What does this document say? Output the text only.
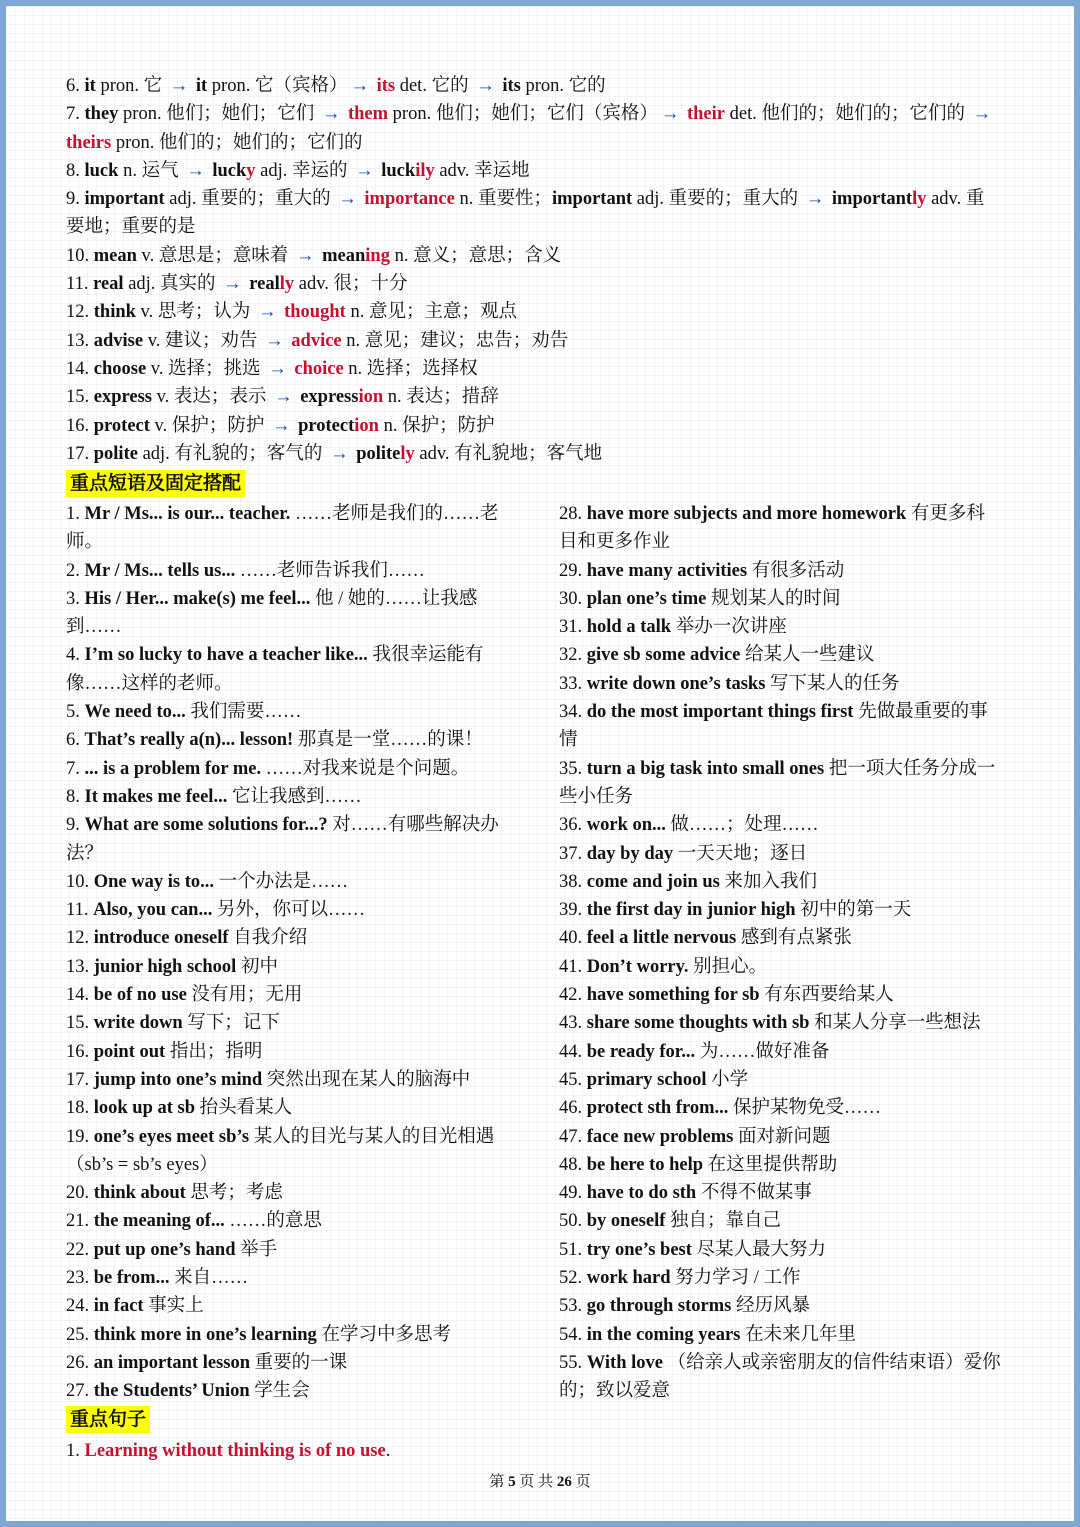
6. it pron. 它 → it pron. 它（宾格） → its det. 它的 → its pron. 它的
7. they pron. 他们；她们；它们 → them pron. 他们；她们；它们（宾格） → their det. 他们的；她们的；它们的 →
theirs pron. 他们的；她们的；它们的
8. luck n. 运气 → lucky adj. 幸运的 → luckily adv. 幸运地
9. important adj. 重要的；重大的 → importance n. 重要性；important adj. 重要的；重大的 → importantly adv. 重
要地；重要的是
10. mean v. 意思是；意味着 → meaning n. 意义；意思；含义
11. real adj. 真实的 → really adv. 很；十分
12. think v. 思考；认为 → thought n. 意见；主意；观点
13. advise v. 建议；劝告 → advice n. 意见；建议；忠告；劝告
14. choose v. 选择；挑选 → choice n. 选择；选择权
15. express v. 表达；表示 → expression n. 表达；措辞
16. protect v. 保护；防护 → protection n. 保护；防护
17. polite adj. 有礼貌的；客气的 → politely adv. 有礼貌地；客气地
重点短语及固定搭配
1. Mr / Ms... is our... teacher. ……老师是我们的……老
师。
2. Mr / Ms... tells us... ……老师告诉我们……
3. His / Her... make(s) me feel... 他 / 她的……让我感
到……
4. I’m so lucky to have a teacher like... 我很幸运能有
像……这样的老师。
5. We need to... 我们需要……
6. That’s really a(n)... lesson! 那真是一堂……的课！
7. ... is a problem for me. ……对我来说是个问题。
8. It makes me feel... 它让我感到……
9. What are some solutions for...? 对……有哪些解决办
法？
10. One way is to... 一个办法是……
11. Also, you can... 另外，你可以……
12. introduce oneself 自我介绍
13. junior high school 初中
14. be of no use 没有用；无用
15. write down 写下；记下
16. point out 指出；指明
17. jump into one’s mind 突然出现在某人的脑海中
18. look up at sb 抬头看某人
19. one’s eyes meet sb’s 某人的目光与某人的目光相遇
（sb’s = sb’s eyes）
20. think about 思考；考虑
21. the meaning of... ……的意思
22. put up one’s hand 举手
23. be from... 来自……
24. in fact 事实上
25. think more in one’s learning 在学习中多思考
26. an important lesson 重要的一课
27. the Students’ Union 学生会
28. have more subjects and more homework 有更多科
目和更多作业
29. have many activities 有很多活动
30. plan one’s time 规划某人的时间
31. hold a talk 举办一次讲座
32. give sb some advice 给某人一些建议
33. write down one’s tasks 写下某人的任务
34. do the most important things first 先做最重要的事
情
35. turn a big task into small ones 把一项大任务分成一
些小任务
36. work on... 做……；处理……
37. day by day 一天天地；逐日
38. come and join us 来加入我们
39. the first day in junior high 初中的第一天
40. feel a little nervous 感到有点紧张
41. Don’t worry. 别担心。
42. have something for sb 有东西要给某人
43. share some thoughts with sb 和某人分享一些想法
44. be ready for... 为……做好准备
45. primary school 小学
46. protect sth from... 保护某物免受……
47. face new problems 面对新问题
48. be here to help 在这里提供帮助
49. have to do sth 不得不做某事
50. by oneself 独自；靠自己
51. try one’s best 尽某人最大努力
52. work hard 努力学习 / 工作
53. go through storms 经历风暴
54. in the coming years 在未来几年里
55. With love （给亲人或亲密朋友的信件结束语）爱你
的；致以爱意
重点句子
1. Learning without thinking is of no use.
第 5 页 共 26 页
